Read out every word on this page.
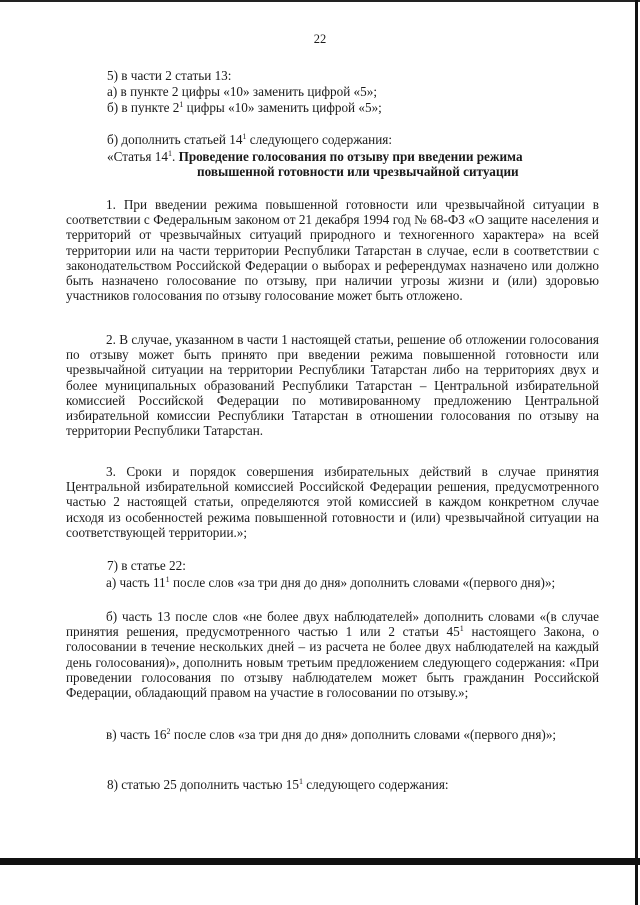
22
5) в части 2 статьи 13:
а) в пункте 2 цифры «10» заменить цифрой «5»;
б) в пункте $2^1$ цифры «10» заменить цифрой «5»;
б) дополнить статьей $14^1$ следующего содержания:
«Статья $14^1$. Проведение голосования по отзыву при введении режима
повышенной готовности или чрезвычайной ситуации
1. При введении режима повышенной готовности или чрезвычайной ситуации в соответствии с Федеральным законом от 21 декабря 1994 год № 68-ФЗ «О защите населения и территорий от чрезвычайных ситуаций природного и техногенного характера» на всей территории или на части территории Республики Татарстан в случае, если в соответствии с законодательством Российской Федерации о выборах и референдумах назначено или должно быть назначено голосование по отзыву, при наличии угрозы жизни и (или) здоровью участников голосования по отзыву голосование может быть отложено.
2. В случае, указанном в части 1 настоящей статьи, решение об отложении голосования по отзыву может быть принято при введении режима повышенной готовности или чрезвычайной ситуации на территории Республики Татарстан либо на территориях двух и более муниципальных образований Республики Татарстан – Центральной избирательной комиссией Российской Федерации по мотивированному предложению Центральной избирательной комиссии Республики Татарстан в отношении голосования по отзыву на территории Республики Татарстан.
3. Сроки и порядок совершения избирательных действий в случае принятия Центральной избирательной комиссией Российской Федерации решения, предусмотренного частью 2 настоящей статьи, определяются этой комиссией в каждом конкретном случае исходя из особенностей режима повышенной готовности и (или) чрезвычайной ситуации на соответствующей территории.»;
7) в статье 22:
а) часть $11^1$ после слов «за три дня до дня» дополнить словами «(первого дня)»;
б) часть 13 после слов «не более двух наблюдателей» дополнить словами «(в случае принятия решения, предусмотренного частью 1 или 2 статьи $45^1$ настоящего Закона, о голосовании в течение нескольких дней – из расчета не более двух наблюдателей на каждый день голосования)», дополнить новым третьим предложением следующего содержания: «При проведении голосования по отзыву наблюдателем может быть гражданин Российской Федерации, обладающий правом на участие в голосовании по отзыву.»;
в) часть $16^2$ после слов «за три дня до дня» дополнить словами «(первого дня)»;
8) статью 25 дополнить частью $15^1$ следующего содержания:
